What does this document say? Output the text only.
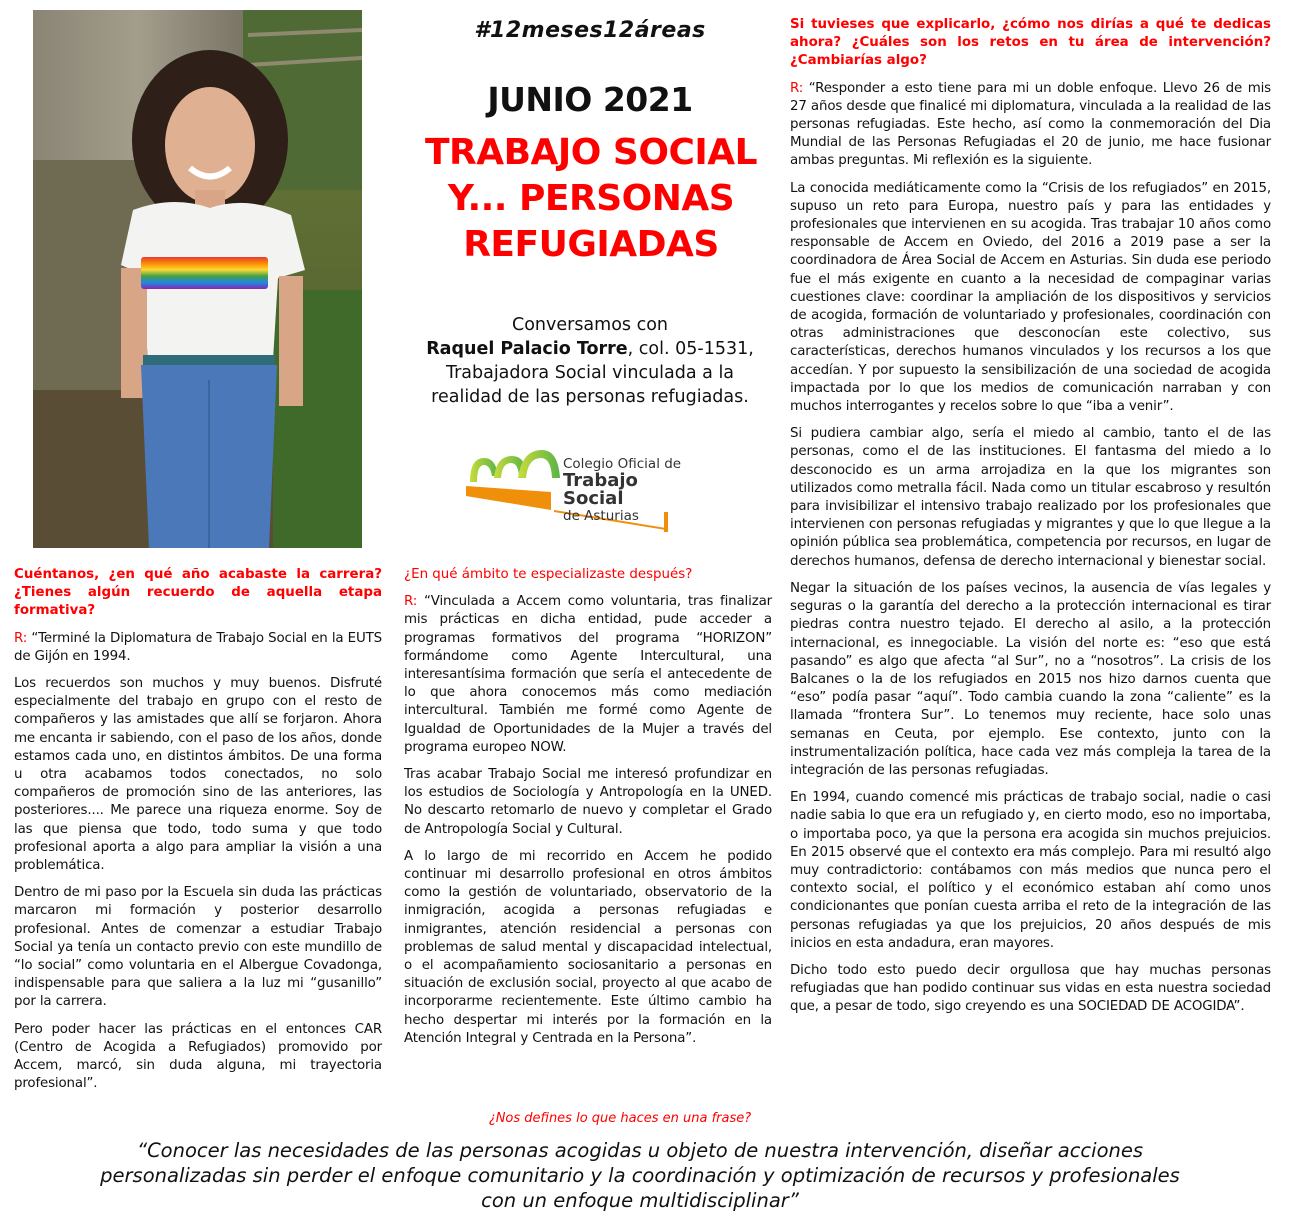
#12meses12áreas
JUNIO 2021
TRABAJO SOCIAL
Y... PERSONAS
REFUGIADAS
Conversamos con
Raquel Palacio Torre, col. 05-1531,
Trabajadora Social vinculada a la
realidad de las personas refugiadas.
Colegio Oficial de
Trabajo Social
de Asturias

Cuéntanos, ¿en qué año acabaste la carrera? ¿Tienes algún recuerdo de aquella etapa formativa?

R: “Terminé la Diplomatura de Trabajo Social en la EUTS de Gijón en 1994.

Los recuerdos son muchos y muy buenos. Disfruté especialmente del trabajo en grupo con el resto de compañeros y las amistades que allí se forjaron. Ahora me encanta ir sabiendo, con el paso de los años, donde estamos cada uno, en distintos ámbitos. De una forma u otra acabamos todos conectados, no solo compañeros de promoción sino de las anteriores, las posteriores.... Me parece una riqueza enorme. Soy de las que piensa que todo, todo suma y que todo profesional aporta a algo para ampliar la visión a una problemática.

Dentro de mi paso por la Escuela sin duda las prácticas marcaron mi formación y posterior desarrollo profesional. Antes de comenzar a estudiar Trabajo Social ya tenía un contacto previo con este mundillo de “lo social” como voluntaria en el Albergue Covadonga, indispensable para que saliera a la luz mi “gusanillo” por la carrera.

Pero poder hacer las prácticas en el entonces CAR (Centro de Acogida a Refugiados) promovido por Accem, marcó, sin duda alguna, mi trayectoria profesional”.

¿En qué ámbito te especializaste después?

R: “Vinculada a Accem como voluntaria, tras finalizar mis prácticas en dicha entidad, pude acceder a programas formativos del programa “HORIZON” formándome como Agente Intercultural, una interesantísima formación que sería el antecedente de lo que ahora conocemos más como mediación intercultural. También me formé como Agente de Igualdad de Oportunidades de la Mujer a través del programa europeo NOW.

Tras acabar Trabajo Social me interesó profundizar en los estudios de Sociología y Antropología en la UNED. No descarto retomarlo de nuevo y completar el Grado de Antropología Social y Cultural.

A lo largo de mi recorrido en Accem he podido continuar mi desarrollo profesional en otros ámbitos como la gestión de voluntariado, observatorio de la inmigración, acogida a personas refugiadas e inmigrantes, atención residencial a personas con problemas de salud mental y discapacidad intelectual, o el acompañamiento sociosanitario a personas en situación de exclusión social, proyecto al que acabo de incorporarme recientemente. Este último cambio ha hecho despertar mi interés por la formación en la Atención Integral y Centrada en la Persona”.

Si tuvieses que explicarlo, ¿cómo nos dirías a qué te dedicas ahora? ¿Cuáles son los retos en tu área de intervención? ¿Cambiarías algo?

R: “Responder a esto tiene para mi un doble enfoque. Llevo 26 de mis 27 años desde que finalicé mi diplomatura, vinculada a la realidad de las personas refugiadas. Este hecho, así como la conmemoración del Dia Mundial de las Personas Refugiadas el 20 de junio, me hace fusionar ambas preguntas. Mi reflexión es la siguiente.

La conocida mediáticamente como la “Crisis de los refugiados” en 2015, supuso un reto para Europa, nuestro país y para las entidades y profesionales que intervienen en su acogida. Tras trabajar 10 años como responsable de Accem en Oviedo, del 2016 a 2019 pase a ser la coordinadora de Área Social de Accem en Asturias. Sin duda ese periodo fue el más exigente en cuanto a la necesidad de compaginar varias cuestiones clave: coordinar la ampliación de los dispositivos y servicios de acogida, formación de voluntariado y profesionales, coordinación con otras administraciones que desconocían este colectivo, sus características, derechos humanos vinculados y los recursos a los que accedían. Y por supuesto la sensibilización de una sociedad de acogida impactada por lo que los medios de comunicación narraban y con muchos interrogantes y recelos sobre lo que “iba a venir”.

Si pudiera cambiar algo, sería el miedo al cambio, tanto el de las personas, como el de las instituciones. El fantasma del miedo a lo desconocido es un arma arrojadiza en la que los migrantes son utilizados como metralla fácil. Nada como un titular escabroso y resultón para invisibilizar el intensivo trabajo realizado por los profesionales que intervienen con personas refugiadas y migrantes y que lo que llegue a la opinión pública sea problemática, competencia por recursos, en lugar de derechos humanos, defensa de derecho internacional y bienestar social.

Negar la situación de los países vecinos, la ausencia de vías legales y seguras o la garantía del derecho a la protección internacional es tirar piedras contra nuestro tejado. El derecho al asilo, a la protección internacional, es innegociable. La visión del norte es: “eso que está pasando” es algo que afecta “al Sur”, no a “nosotros”. La crisis de los Balcanes o la de los refugiados en 2015 nos hizo darnos cuenta que “eso” podía pasar “aquí”. Todo cambia cuando la zona “caliente” es la llamada “frontera Sur”. Lo tenemos muy reciente, hace solo unas semanas en Ceuta, por ejemplo. Ese contexto, junto con la instrumentalización política, hace cada vez más compleja la tarea de la integración de las personas refugiadas.

En 1994, cuando comencé mis prácticas de trabajo social, nadie o casi nadie sabia lo que era un refugiado y, en cierto modo, eso no importaba, o importaba poco, ya que la persona era acogida sin muchos prejuicios. En 2015 observé que el contexto era más complejo. Para mi resultó algo muy contradictorio: contábamos con más medios que nunca pero el contexto social, el político y el económico estaban ahí como unos condicionantes que ponían cuesta arriba el reto de la integración de las personas refugiadas ya que los prejuicios, 20 años después de mis inicios en esta andadura, eran mayores.

Dicho todo esto puedo decir orgullosa que hay muchas personas refugiadas que han podido continuar sus vidas en esta nuestra sociedad que, a pesar de todo, sigo creyendo es una SOCIEDAD DE ACOGIDA”.

¿Nos defines lo que haces en una frase?
“Conocer las necesidades de las personas acogidas u objeto de nuestra intervención, diseñar acciones
personalizadas sin perder el enfoque comunitario y la coordinación y optimización de recursos y profesionales
con un enfoque multidisciplinar”
